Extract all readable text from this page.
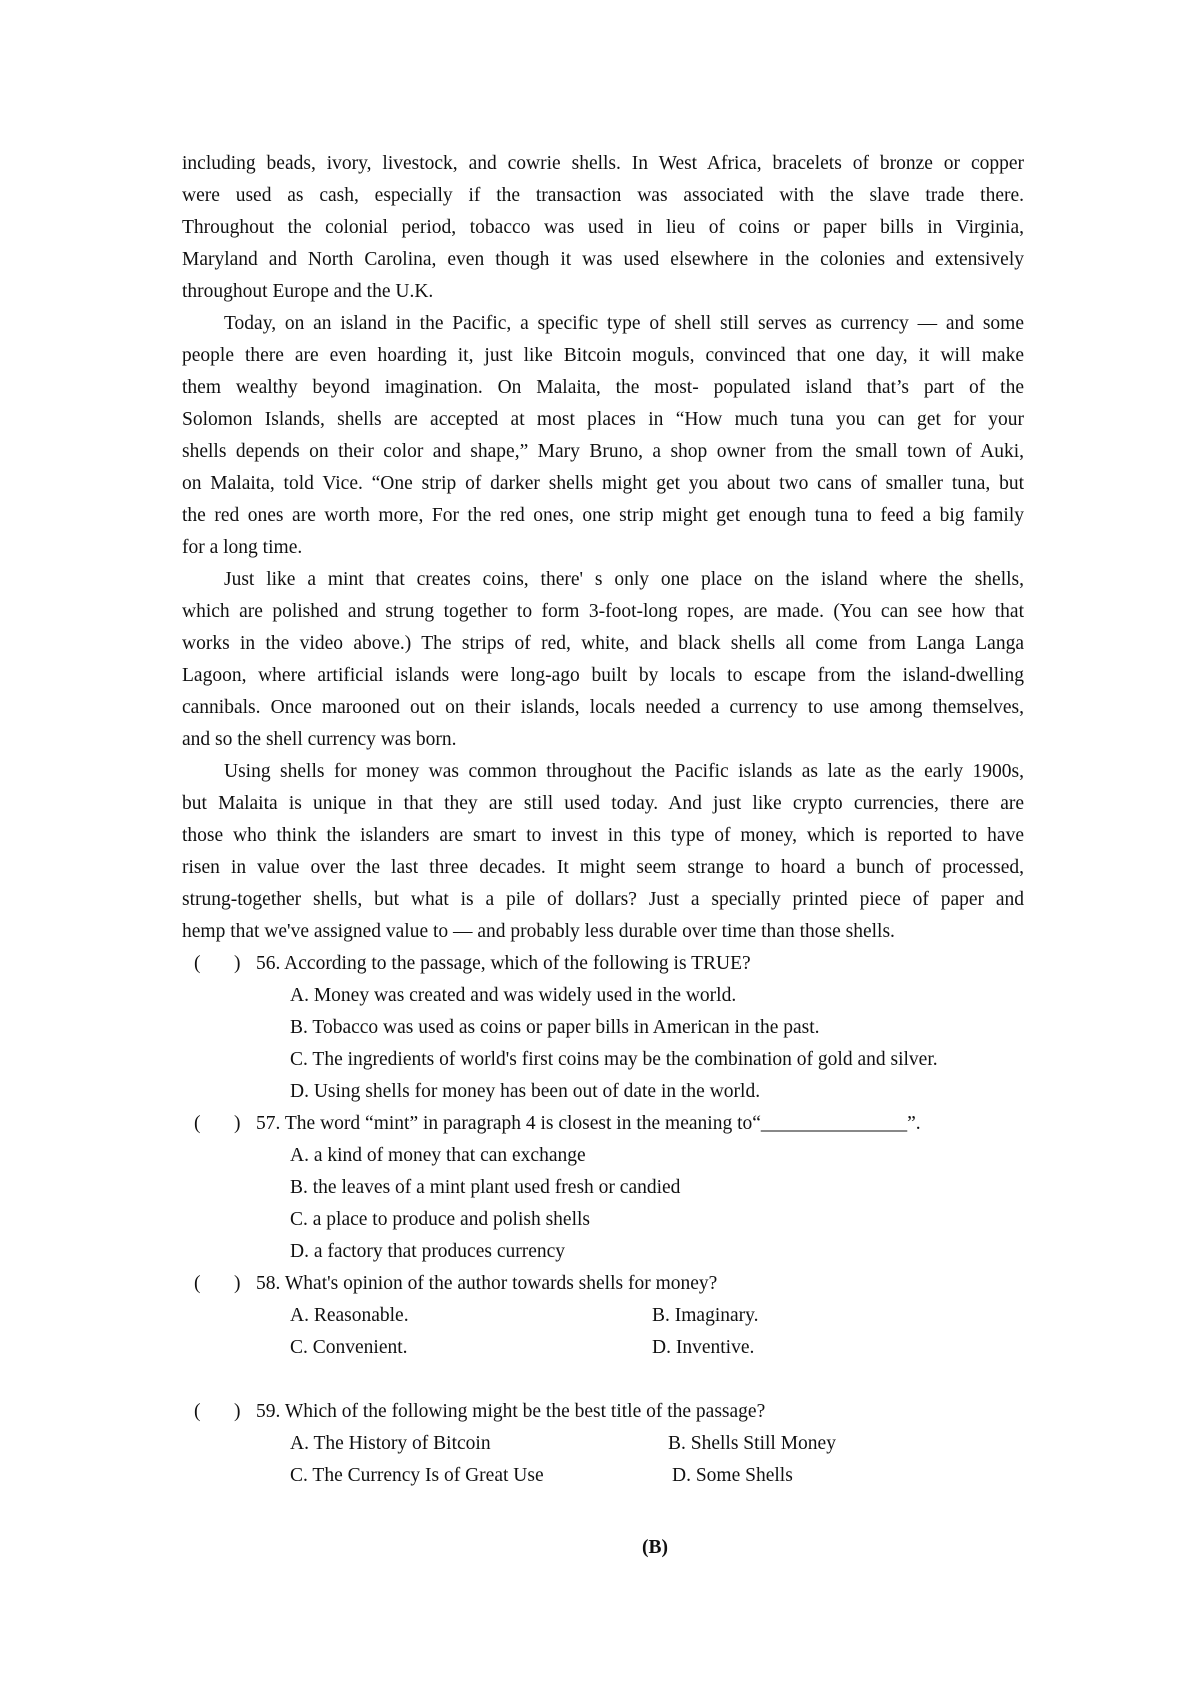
including beads, ivory, livestock, and cowrie shells. In West Africa, bracelets of bronze or copper
were used as cash, especially if the transaction was associated with the slave trade there.
Throughout the colonial period, tobacco was used in lieu of coins or paper bills in Virginia,
Maryland and North Carolina, even though it was used elsewhere in the colonies and extensively
throughout Europe and the U.K.
Today, on an island in the Pacific, a specific type of shell still serves as currency — and some
people there are even hoarding it, just like Bitcoin moguls, convinced that one day, it will make
them wealthy beyond imagination. On Malaita, the most- populated island that’s part of the
Solomon Islands, shells are accepted at most places in “How much tuna you can get for your
shells depends on their color and shape,” Mary Bruno, a shop owner from the small town of Auki,
on Malaita, told Vice. “One strip of darker shells might get you about two cans of smaller tuna, but
the red ones are worth more, For the red ones, one strip might get enough tuna to feed a big family
for a long time.
Just like a mint that creates coins, there' s only one place on the island where the shells,
which are polished and strung together to form 3-foot-long ropes, are made. (You can see how that
works in the video above.) The strips of red, white, and black shells all come from Langa Langa
Lagoon, where artificial islands were long-ago built by locals to escape from the island-dwelling
cannibals. Once marooned out on their islands, locals needed a currency to use among themselves,
and so the shell currency was born.
Using shells for money was common throughout the Pacific islands as late as the early 1900s,
but Malaita is unique in that they are still used today. And just like crypto currencies, there are
those who think the islanders are smart to invest in this type of money, which is reported to have
risen in value over the last three decades. It might seem strange to hoard a bunch of processed,
strung-together shells, but what is a pile of dollars? Just a specially printed piece of paper and
hemp that we've assigned value to — and probably less durable over time than those shells.
( ) 56. According to the passage, which of the following is TRUE?
A. Money was created and was widely used in the world.
B. Tobacco was used as coins or paper bills in American in the past.
C. The ingredients of world's first coins may be the combination of gold and silver.
D. Using shells for money has been out of date in the world.
( ) 57. The word “mint” in paragraph 4 is closest in the meaning to“_______________”.
A. a kind of money that can exchange
B. the leaves of a mint plant used fresh or candied
C. a place to produce and polish shells
D. a factory that produces currency
( ) 58. What's opinion of the author towards shells for money?
A. Reasonable.	B. Imaginary.
C. Convenient.	D. Inventive.
( ) 59. Which of the following might be the best title of the passage?
A. The History of Bitcoin	B. Shells Still Money
C. The Currency Is of Great Use	D. Some Shells
(B)
